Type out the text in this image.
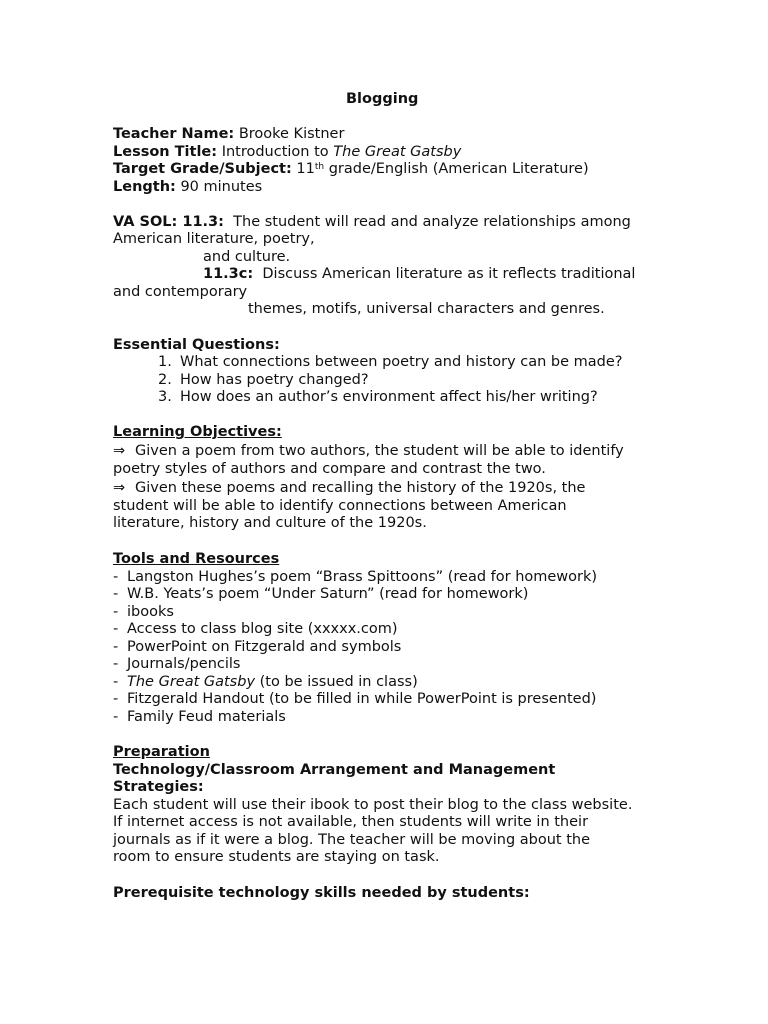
Blogging

Teacher Name: Brooke Kistner

Lesson Title: Introduction to The Great Gatsby

Target Grade/Subject: 11th grade/English (American Literature)

Length: 90 minutes

VA SOL: 11.3: The student will read and analyze relationships among

American literature, poetry,

and culture.

11.3c: Discuss American literature as it reflects traditional

and contemporary

themes, motifs, universal characters and genres.

Essential Questions:

1. What connections between poetry and history can be made?

2. How has poetry changed?

3. How does an author’s environment affect his/her writing?

Learning Objectives:

⇒ Given a poem from two authors, the student will be able to identify

poetry styles of authors and compare and contrast the two.

⇒ Given these poems and recalling the history of the 1920s, the

student will be able to identify connections between American

literature, history and culture of the 1920s.

Tools and Resources

- Langston Hughes’s poem “Brass Spittoons” (read for homework)

- W.B. Yeats’s poem “Under Saturn” (read for homework)

- ibooks

- Access to class blog site (xxxxx.com)

- PowerPoint on Fitzgerald and symbols

- Journals/pencils

- The Great Gatsby (to be issued in class)

- Fitzgerald Handout (to be filled in while PowerPoint is presented)

- Family Feud materials

Preparation

Technology/Classroom Arrangement and Management

Strategies:

Each student will use their ibook to post their blog to the class website.

If internet access is not available, then students will write in their

journals as if it were a blog. The teacher will be moving about the

room to ensure students are staying on task.

Prerequisite technology skills needed by students:
